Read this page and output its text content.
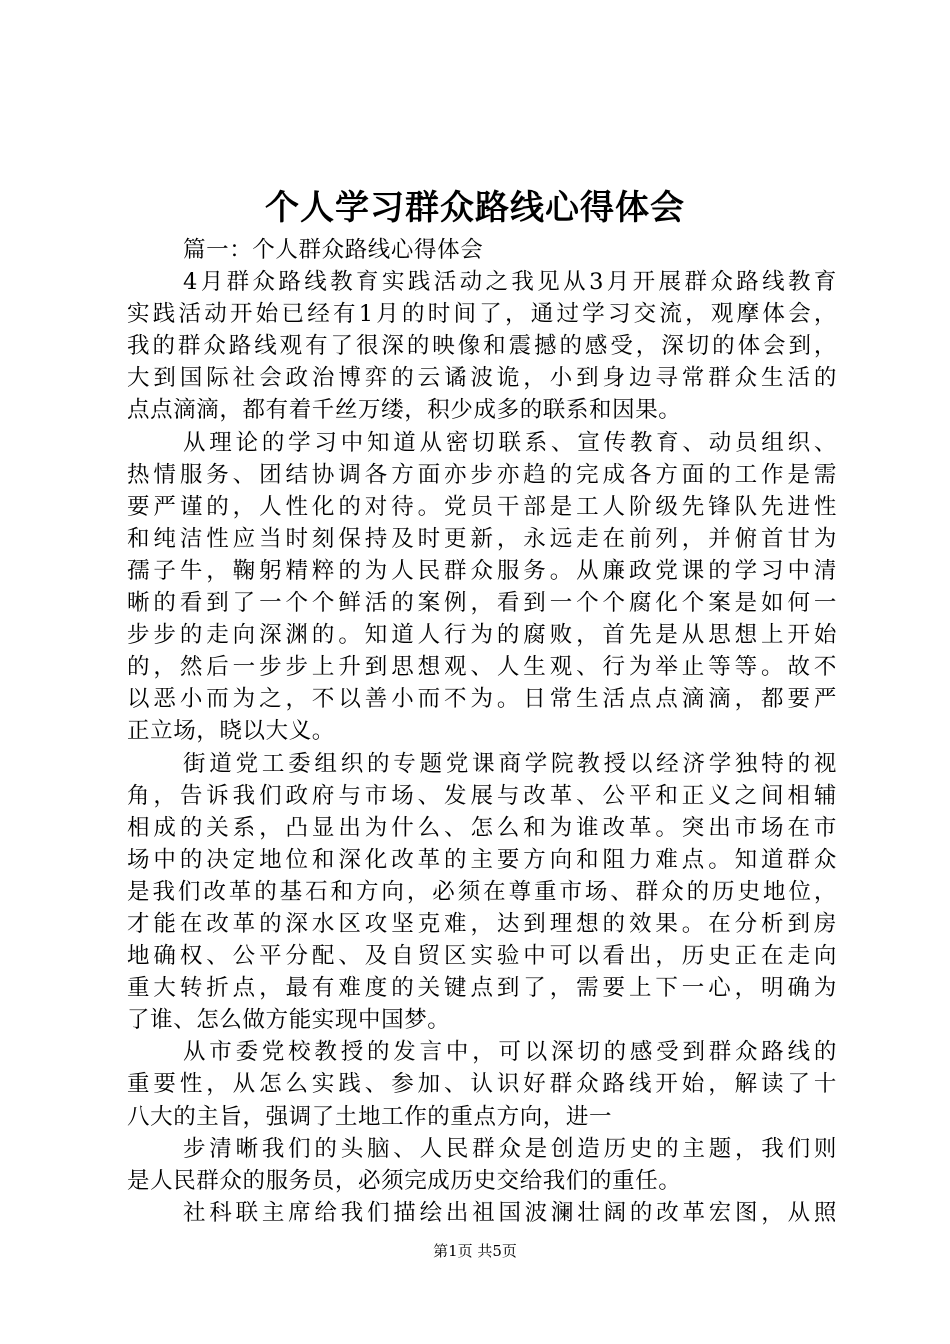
个人学习群众路线心得体会
篇一：个人群众路线心得体会
4月群众路线教育实践活动之我见从3月开展群众路线教育
实践活动开始已经有1月的时间了，通过学习交流，观摩体会，
我的群众路线观有了很深的映像和震撼的感受，深切的体会到，
大到国际社会政治博弈的云谲波诡，小到身边寻常群众生活的
点点滴滴，都有着千丝万缕，积少成多的联系和因果。
从理论的学习中知道从密切联系、宣传教育、动员组织、
热情服务、团结协调各方面亦步亦趋的完成各方面的工作是需
要严谨的，人性化的对待。党员干部是工人阶级先锋队先进性
和纯洁性应当时刻保持及时更新，永远走在前列，并俯首甘为
孺子牛，鞠躬精粹的为人民群众服务。从廉政党课的学习中清
晰的看到了一个个鲜活的案例，看到一个个腐化个案是如何一
步步的走向深渊的。知道人行为的腐败，首先是从思想上开始
的，然后一步步上升到思想观、人生观、行为举止等等。故不
以恶小而为之，不以善小而不为。日常生活点点滴滴，都要严
正立场，晓以大义。
街道党工委组织的专题党课商学院教授以经济学独特的视
角，告诉我们政府与市场、发展与改革、公平和正义之间相辅
相成的关系，凸显出为什么、怎么和为谁改革。突出市场在市
场中的决定地位和深化改革的主要方向和阻力难点。知道群众
是我们改革的基石和方向，必须在尊重市场、群众的历史地位，
才能在改革的深水区攻坚克难，达到理想的效果。在分析到房
地确权、公平分配、及自贸区实验中可以看出，历史正在走向
重大转折点，最有难度的关键点到了，需要上下一心，明确为
了谁、怎么做方能实现中国梦。
从市委党校教授的发言中，可以深切的感受到群众路线的
重要性，从怎么实践、参加、认识好群众路线开始，解读了十
八大的主旨，强调了土地工作的重点方向，进一
步清晰我们的头脑、人民群众是创造历史的主题，我们则
是人民群众的服务员，必须完成历史交给我们的重任。
社科联主席给我们描绘出祖国波澜壮阔的改革宏图，从照
第1页 共5页
